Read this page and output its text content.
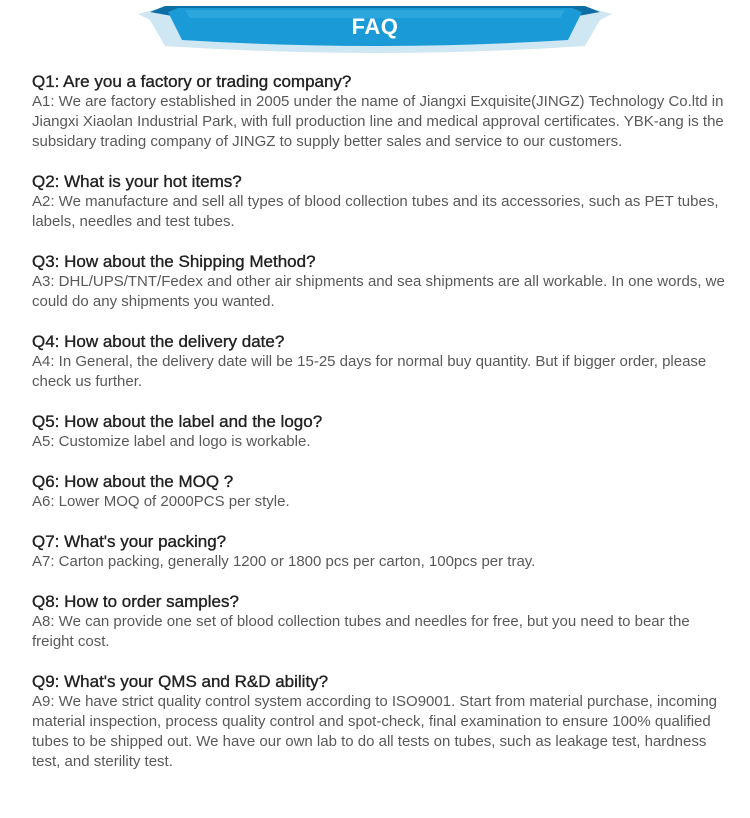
FAQ

Q1: Are you a factory or trading company?

A1: We are factory established in 2005 under the name of Jiangxi Exquisite(JINGZ) Technology Co.ltd in Jiangxi Xiaolan Industrial Park, with full production line and medical approval certificates. YBK-ang is the subsidary trading company of JINGZ to supply better sales and service to our customers.

Q2: What is your hot items?

A2: We manufacture and sell all types of blood collection tubes and its accessories, such as PET tubes, labels, needles and test tubes.

Q3: How about the Shipping Method?

A3: DHL/UPS/TNT/Fedex and other air shipments and sea shipments are all workable. In one words, we could do any shipments you wanted.

Q4: How about the delivery date?

A4: In General, the delivery date will be 15-25 days for normal buy quantity. But if bigger order, please check us further.

Q5: How about the label and the logo?

A5: Customize label and logo is workable.

Q6: How about the MOQ ?

A6: Lower MOQ of 2000PCS per style.

Q7: What's your packing?

A7: Carton packing, generally 1200 or 1800 pcs per carton, 100pcs per tray.

Q8: How to order samples?

A8: We can provide one set of blood collection tubes and needles for free, but you need to bear the freight cost.

Q9: What's your QMS and R&D ability?

A9: We have strict quality control system according to ISO9001. Start from material purchase, incoming material inspection, process quality control and spot-check, final examination to ensure 100% qualified tubes to be shipped out. We have our own lab to do all tests on tubes, such as leakage test, hardness test, and sterility test.
